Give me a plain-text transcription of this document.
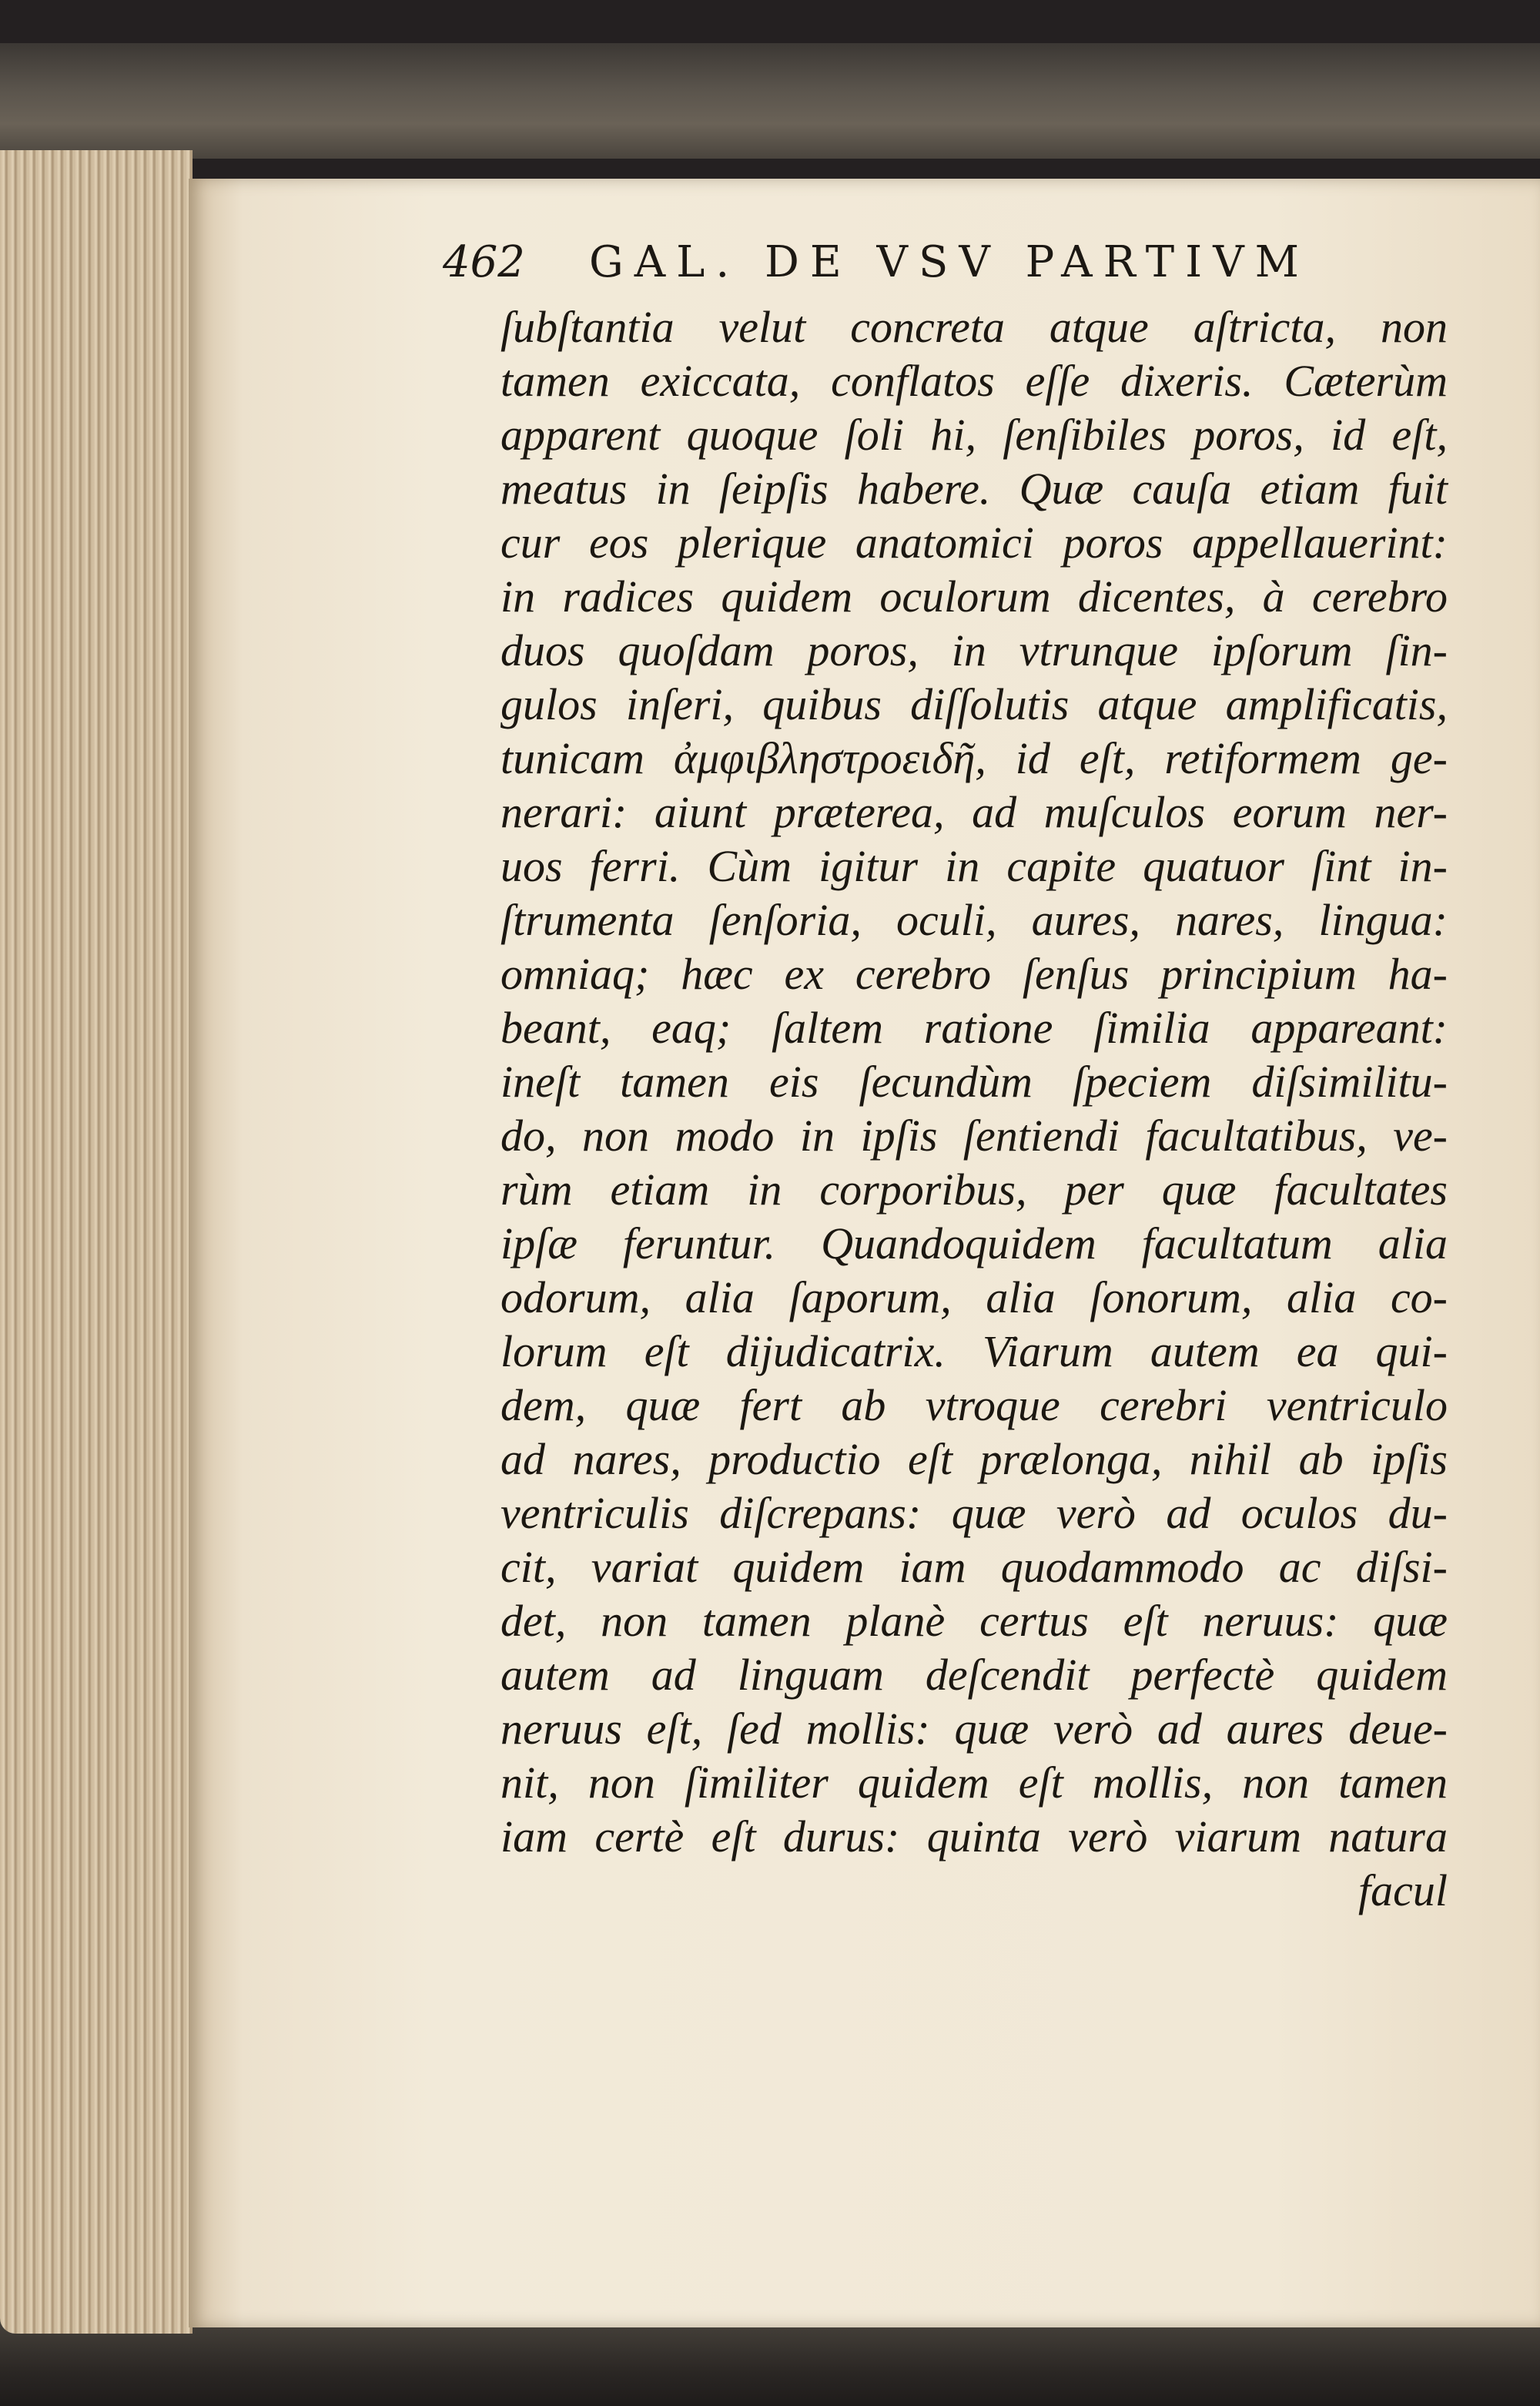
462 GAL. DE VSV PARTIVM
ſubſtantia velut concreta atque aſtricta, non
tamen exiccata, conflatos eſſe dixeris. Cæterùm
apparent quoque ſoli hi, ſenſibiles poros, id eſt,
meatus in ſeipſis habere. Quæ cauſa etiam fuit
cur eos plerique anatomici poros appellauerint:
in radices quidem oculorum dicentes, à cerebro
duos quoſdam poros, in vtrunque ipſorum ſin-
gulos inſeri, quibus diſſolutis atque amplificatis,
tunicam ἀμφιβληστροειδῆ, id eſt, retiformem ge-
nerari: aiunt præterea, ad muſculos eorum ner-
uos ferri. Cùm igitur in capite quatuor ſint in-
ſtrumenta ſenſoria, oculi, aures, nares, lingua:
omniaq; hæc ex cerebro ſenſus principium ha-
beant, eaq; ſaltem ratione ſimilia appareant:
ineſt tamen eis ſecundùm ſpeciem diſsimilitu-
do, non modo in ipſis ſentiendi facultatibus, ve-
rùm etiam in corporibus, per quæ facultates
ipſæ feruntur. Quandoquidem facultatum alia
odorum, alia ſaporum, alia ſonorum, alia co-
lorum eſt dijudicatrix. Viarum autem ea qui-
dem, quæ fert ab vtroque cerebri ventriculo
ad nares, productio eſt prælonga, nihil ab ipſis
ventriculis diſcrepans: quæ verò ad oculos du-
cit, variat quidem iam quodammodo ac diſsi-
det, non tamen planè certus eſt neruus: quæ
autem ad linguam deſcendit perfectè quidem
neruus eſt, ſed mollis: quæ verò ad aures deue-
nit, non ſimiliter quidem eſt mollis, non tamen
iam certè eſt durus: quinta verò viarum natura
facul
